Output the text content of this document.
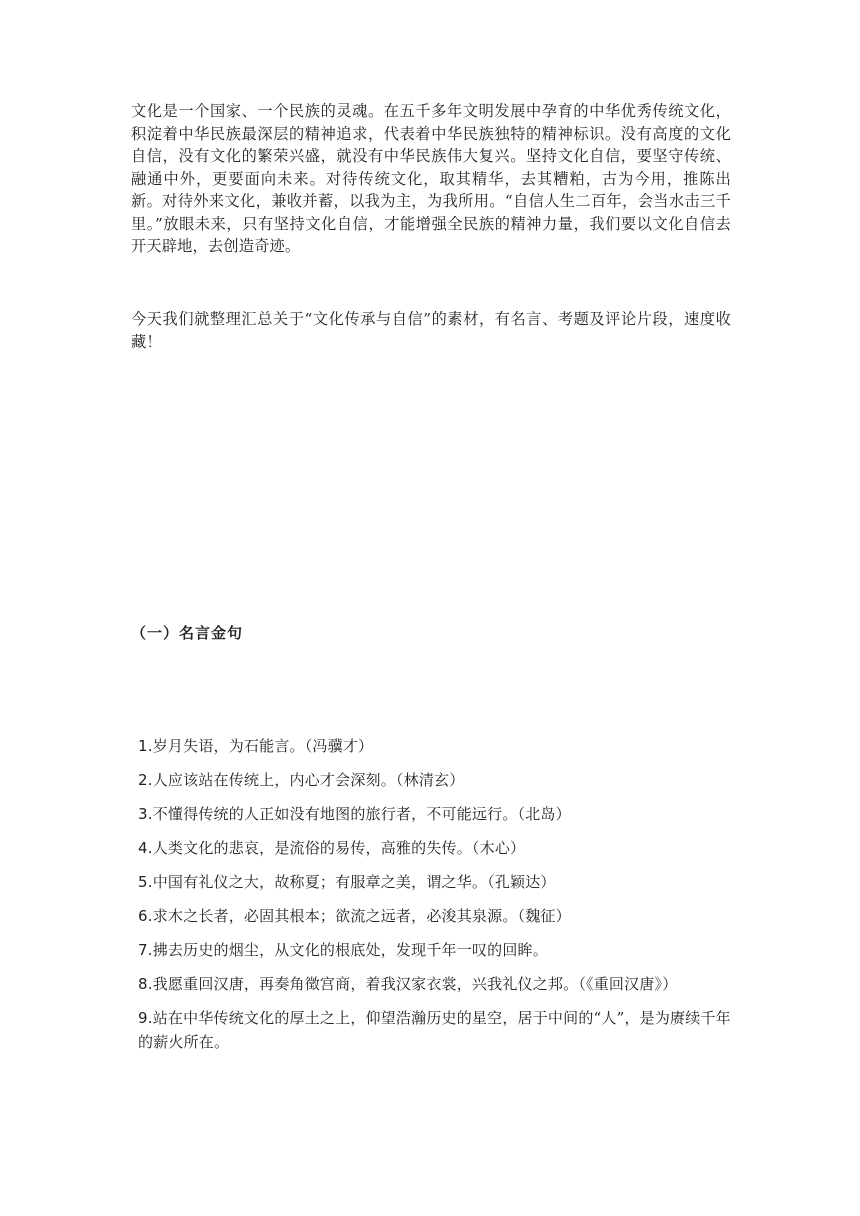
文化是一个国家、一个民族的灵魂。在五千多年文明发展中孕育的中华优秀传统文化，积淀着中华民族最深层的精神追求，代表着中华民族独特的精神标识。没有高度的文化自信，没有文化的繁荣兴盛，就没有中华民族伟大复兴。坚持文化自信，要坚守传统、融通中外，更要面向未来。对待传统文化，取其精华，去其糟粕，古为今用，推陈出新。对待外来文化，兼收并蓄，以我为主，为我所用。“自信人生二百年，会当水击三千里。”放眼未来，只有坚持文化自信，才能增强全民族的精神力量，我们要以文化自信去开天辟地，去创造奇迹。

今天我们就整理汇总关于“文化传承与自信”的素材，有名言、考题及评论片段，速度收藏！

（一）名言金句
1.岁月失语，为石能言。（冯骥才）
2.人应该站在传统上，内心才会深刻。（林清玄）
3.不懂得传统的人正如没有地图的旅行者，不可能远行。（北岛）
4.人类文化的悲哀，是流俗的易传，高雅的失传。（木心）
5.中国有礼仪之大，故称夏；有服章之美，谓之华。（孔颖达）
6.求木之长者，必固其根本；欲流之远者，必浚其泉源。（魏征）
7.拂去历史的烟尘，从文化的根底处，发现千年一叹的回眸。
8.我愿重回汉唐，再奏角徵宫商，着我汉家衣裳，兴我礼仪之邦。（《重回汉唐》）
9.站在中华传统文化的厚土之上，仰望浩瀚历史的星空，居于中间的“人”，是为赓续千年的薪火所在。
